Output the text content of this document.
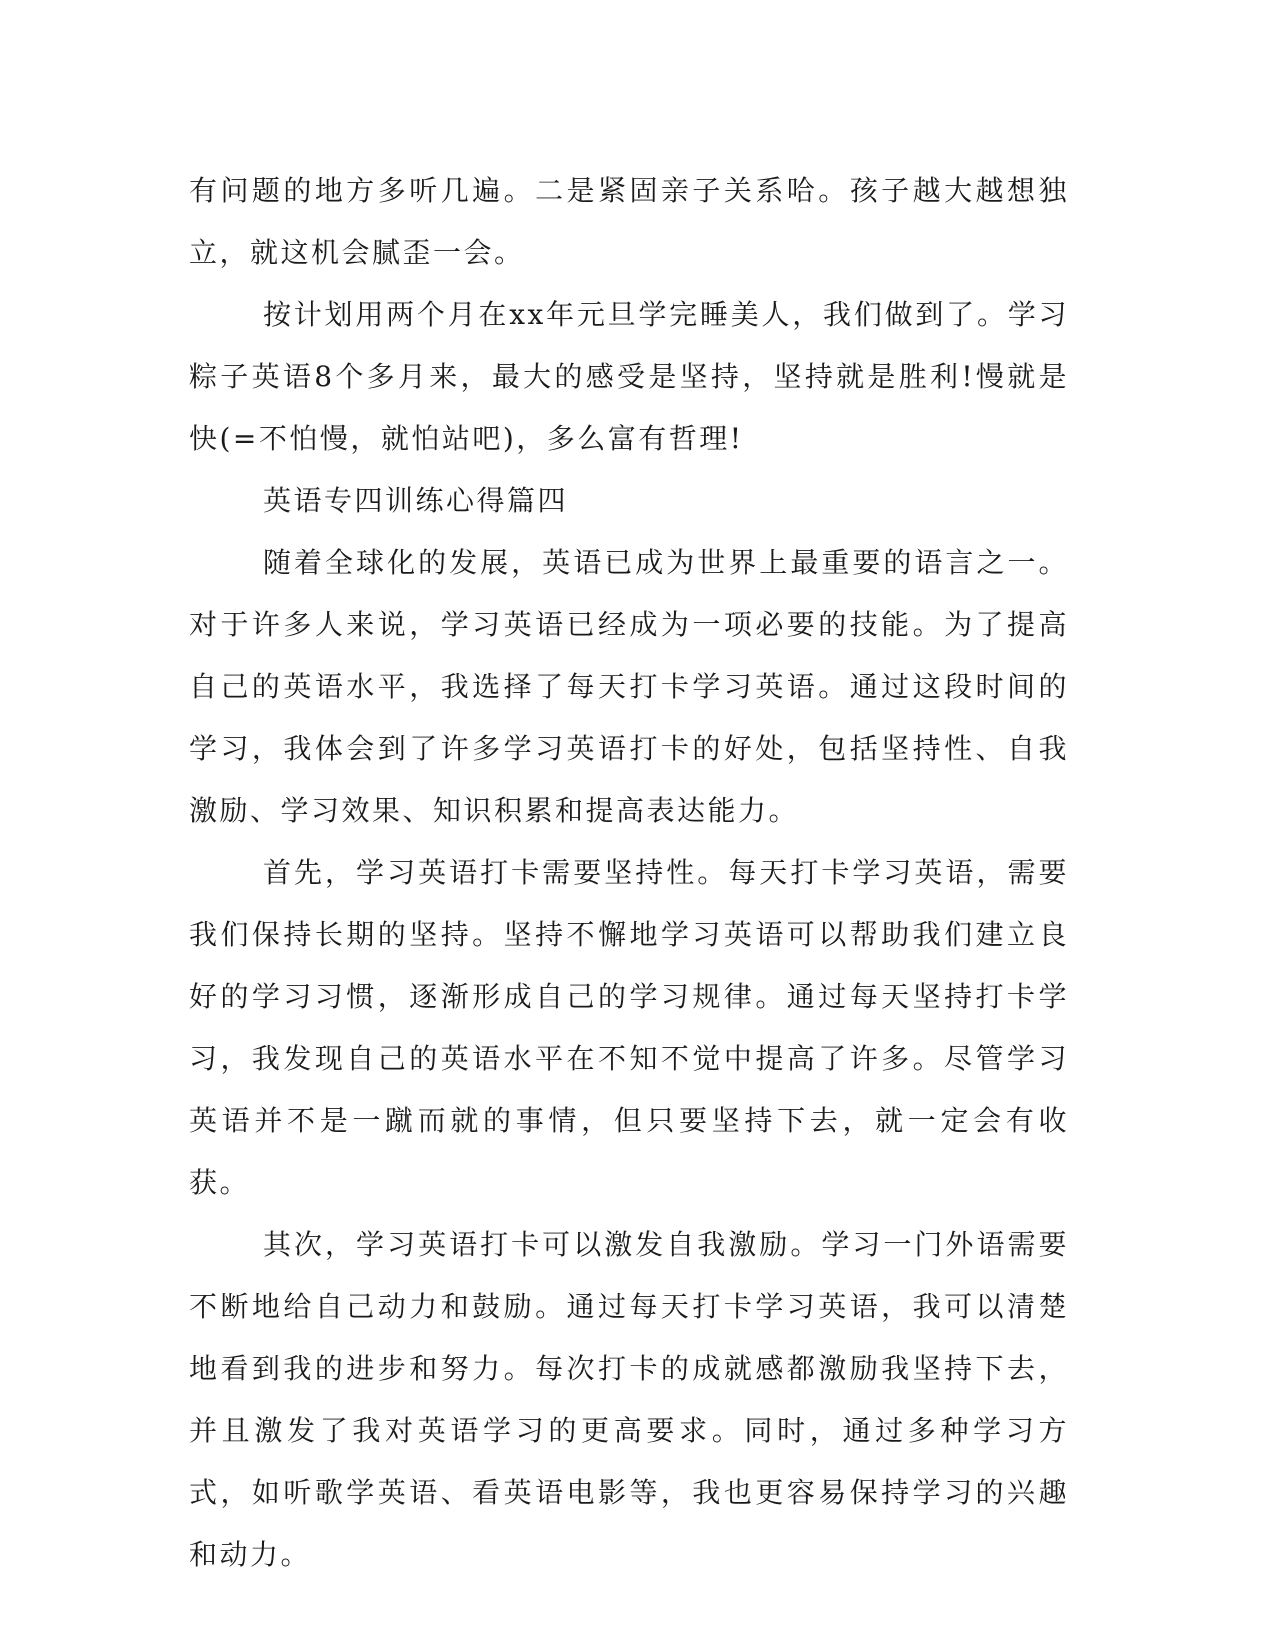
有问题的地方多听几遍。二是紧固亲子关系哈。孩子越大越想独立，就这机会腻歪一会。

按计划用两个月在xx年元旦学完睡美人，我们做到了。学习粽子英语8个多月来，最大的感受是坚持，坚持就是胜利!慢就是快(=不怕慢，就怕站吧)，多么富有哲理!

英语专四训练心得篇四

随着全球化的发展，英语已成为世界上最重要的语言之一。对于许多人来说，学习英语已经成为一项必要的技能。为了提高自己的英语水平，我选择了每天打卡学习英语。通过这段时间的学习，我体会到了许多学习英语打卡的好处，包括坚持性、自我激励、学习效果、知识积累和提高表达能力。

首先，学习英语打卡需要坚持性。每天打卡学习英语，需要我们保持长期的坚持。坚持不懈地学习英语可以帮助我们建立良好的学习习惯，逐渐形成自己的学习规律。通过每天坚持打卡学习，我发现自己的英语水平在不知不觉中提高了许多。尽管学习英语并不是一蹴而就的事情，但只要坚持下去，就一定会有收获。

其次，学习英语打卡可以激发自我激励。学习一门外语需要不断地给自己动力和鼓励。通过每天打卡学习英语，我可以清楚地看到我的进步和努力。每次打卡的成就感都激励我坚持下去，并且激发了我对英语学习的更高要求。同时，通过多种学习方式，如听歌学英语、看英语电影等，我也更容易保持学习的兴趣和动力。
